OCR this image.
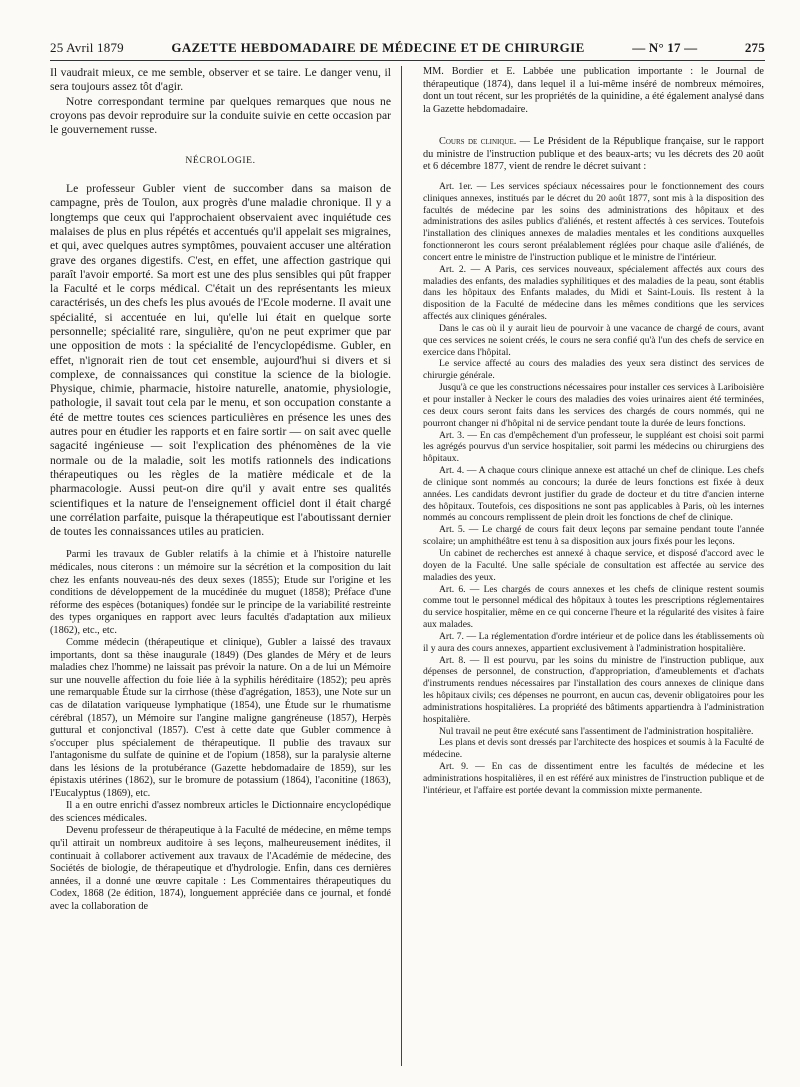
25 Avril 1879	GAZETTE HEBDOMADAIRE DE MÉDECINE ET DE CHIRURGIE	— N° 17 —	275

Il vaudrait mieux, ce me semble, observer et se taire. Le danger venu, il sera toujours assez tôt d'agir.

Notre correspondant termine par quelques remarques que nous ne croyons pas devoir reproduire sur la conduite suivie en cette occasion par le gouvernement russe.

NÉCROLOGIE.

Le professeur Gubler vient de succomber dans sa maison de campagne, près de Toulon, aux progrès d'une maladie chronique. Il y a longtemps que ceux qui l'approchaient observaient avec inquiétude ces malaises de plus en plus répétés et accentués qu'il appelait ses migraines, et qui, avec quelques autres symptômes, pouvaient accuser une altération grave des organes digestifs. C'est, en effet, une affection gastrique qui paraît l'avoir emporté. Sa mort est une des plus sensibles qui pût frapper la Faculté et le corps médical. C'était un des représentants les mieux caractérisés, un des chefs les plus avoués de l'Ecole moderne. Il avait une spécialité, si accentuée en lui, qu'elle lui était en quelque sorte personnelle; spécialité rare, singulière, qu'on ne peut exprimer que par une opposition de mots : la spécialité de l'encyclopédisme. Gubler, en effet, n'ignorait rien de tout cet ensemble, aujourd'hui si divers et si complexe, de connaissances qui constitue la science de la biologie. Physique, chimie, pharmacie, histoire naturelle, anatomie, physiologie, pathologie, il savait tout cela par le menu, et son occupation constante a été de mettre toutes ces sciences particulières en présence les unes des autres pour en étudier les rapports et en faire sortir — on sait avec quelle sagacité ingénieuse — soit l'explication des phénomènes de la vie normale ou de la maladie, soit les motifs rationnels des indications thérapeutiques ou les règles de la matière médicale et de la pharmacologie. Aussi peut-on dire qu'il y avait entre ses qualités scientifiques et la nature de l'enseignement officiel dont il était chargé une corrélation parfaite, puisque la thérapeutique est l'aboutissant dernier de toutes les connaissances utiles au praticien.

Parmi les travaux de Gubler relatifs à la chimie et à l'histoire naturelle médicales, nous citerons : un mémoire sur la sécrétion et la composition du lait chez les enfants nouveau-nés des deux sexes (1855); Etude sur l'origine et les conditions de développement de la mucédinée du muguet (1858); Préface d'une réforme des espèces (botaniques) fondée sur le principe de la variabilité restreinte des types organiques en rapport avec leurs facultés d'adaptation aux milieux (1862), etc., etc.

Comme médecin (thérapeutique et clinique), Gubler a laissé des travaux importants, dont sa thèse inaugurale (1849) (Des glandes de Méry et de leurs maladies chez l'homme) ne laissait pas prévoir la nature. On a de lui un Mémoire sur une nouvelle affection du foie liée à la syphilis héréditaire (1852); peu après une remarquable Étude sur la cirrhose (thèse d'agrégation, 1853), une Note sur un cas de dilatation variqueuse lymphatique (1854), une Étude sur le rhumatisme cérébral (1857), un Mémoire sur l'angine maligne gangréneuse (1857), Herpès guttural et conjonctival (1857). C'est à cette date que Gubler commence à s'occuper plus spécialement de thérapeutique. Il publie des travaux sur l'antagonisme du sulfate de quinine et de l'opium (1858), sur la paralysie alterne dans les lésions de la protubérance (Gazette hebdomadaire de 1859), sur les épistaxis utérines (1862), sur le bromure de potassium (1864), l'aconitine (1863), l'Eucalyptus (1869), etc.

Il a en outre enrichi d'assez nombreux articles le Dictionnaire encyclopédique des sciences médicales.

Devenu professeur de thérapeutique à la Faculté de médecine, en même temps qu'il attirait un nombreux auditoire à ses leçons, malheureusement inédites, il continuait à collaborer activement aux travaux de l'Académie de médecine, des Sociétés de biologie, de thérapeutique et d'hydrologie. Enfin, dans ces dernières années, il a donné une œuvre capitale : Les Commentaires thérapeutiques du Codex, 1868 (2e édition, 1874), longuement appréciée dans ce journal, et fondé avec la collaboration de

MM. Bordier et E. Labbée une publication importante : le Journal de thérapeutique (1874), dans lequel il a lui-même inséré de nombreux mémoires, dont un tout récent, sur les propriétés de la quinidine, a été également analysé dans la Gazette hebdomadaire.

Cours de clinique. — Le Président de la République française, sur le rapport du ministre de l'instruction publique et des beaux-arts; vu les décrets des 20 août et 6 décembre 1877, vient de rendre le décret suivant :

Art. 1er. — Les services spéciaux nécessaires pour le fonctionnement des cours cliniques annexes, institués par le décret du 20 août 1877, sont mis à la disposition des facultés de médecine par les soins des administrations des hôpitaux et des administrations des asiles publics d'aliénés, et restent affectés à ces services. Toutefois l'installation des cliniques annexes de maladies mentales et les conditions auxquelles fonctionneront les cours seront préalablement réglées pour chaque asile d'aliénés, de concert entre le ministre de l'instruction publique et le ministre de l'intérieur.

Art. 2. — A Paris, ces services nouveaux, spécialement affectés aux cours des maladies des enfants, des maladies syphilitiques et des maladies de la peau, sont établis dans les hôpitaux des Enfants malades, du Midi et Saint-Louis. Ils restent à la disposition de la Faculté de médecine dans les mêmes conditions que les services affectés aux cliniques générales.

Dans le cas où il y aurait lieu de pourvoir à une vacance de chargé de cours, avant que ces services ne soient créés, le cours ne sera confié qu'à l'un des chefs de service en exercice dans l'hôpital.

Le service affecté au cours des maladies des yeux sera distinct des services de chirurgie générale.

Jusqu'à ce que les constructions nécessaires pour installer ces services à Lariboisière et pour installer à Necker le cours des maladies des voies urinaires aient été terminées, ces deux cours seront faits dans les services des chargés de cours nommés, qui ne pourront changer ni d'hôpital ni de service pendant toute la durée de leurs fonctions.

Art. 3. — En cas d'empêchement d'un professeur, le suppléant est choisi soit parmi les agrégés pourvus d'un service hospitalier, soit parmi les médecins ou chirurgiens des hôpitaux.

Art. 4. — A chaque cours clinique annexe est attaché un chef de clinique. Les chefs de clinique sont nommés au concours; la durée de leurs fonctions est fixée à deux années. Les candidats devront justifier du grade de docteur et du titre d'ancien interne des hôpitaux. Toutefois, ces dispositions ne sont pas applicables à Paris, où les internes nommés au concours remplissent de plein droit les fonctions de chef de clinique.

Art. 5. — Le chargé de cours fait deux leçons par semaine pendant toute l'année scolaire; un amphithéâtre est tenu à sa disposition aux jours fixés pour les leçons.

Un cabinet de recherches est annexé à chaque service, et disposé d'accord avec le doyen de la Faculté. Une salle spéciale de consultation est affectée au service des maladies des yeux.

Art. 6. — Les chargés de cours annexes et les chefs de clinique restent soumis comme tout le personnel médical des hôpitaux à toutes les prescriptions réglementaires du service hospitalier, même en ce qui concerne l'heure et la régularité des visites à faire aux malades.

Art. 7. — La réglementation d'ordre intérieur et de police dans les établissements où il y aura des cours annexes, appartient exclusivement à l'administration hospitalière.

Art. 8. — Il est pourvu, par les soins du ministre de l'instruction publique, aux dépenses de personnel, de construction, d'appropriation, d'ameublements et d'achats d'instruments rendues nécessaires par l'installation des cours annexes de clinique dans les hôpitaux civils; ces dépenses ne pourront, en aucun cas, devenir obligatoires pour les administrations hospitalières. La propriété des bâtiments appartiendra à l'administration hospitalière.

Nul travail ne peut être exécuté sans l'assentiment de l'administration hospitalière.

Les plans et devis sont dressés par l'architecte des hospices et soumis à la Faculté de médecine.

Art. 9. — En cas de dissentiment entre les facultés de médecine et les administrations hospitalières, il en est référé aux ministres de l'instruction publique et de l'intérieur, et l'affaire est portée devant la commission mixte permanente.
